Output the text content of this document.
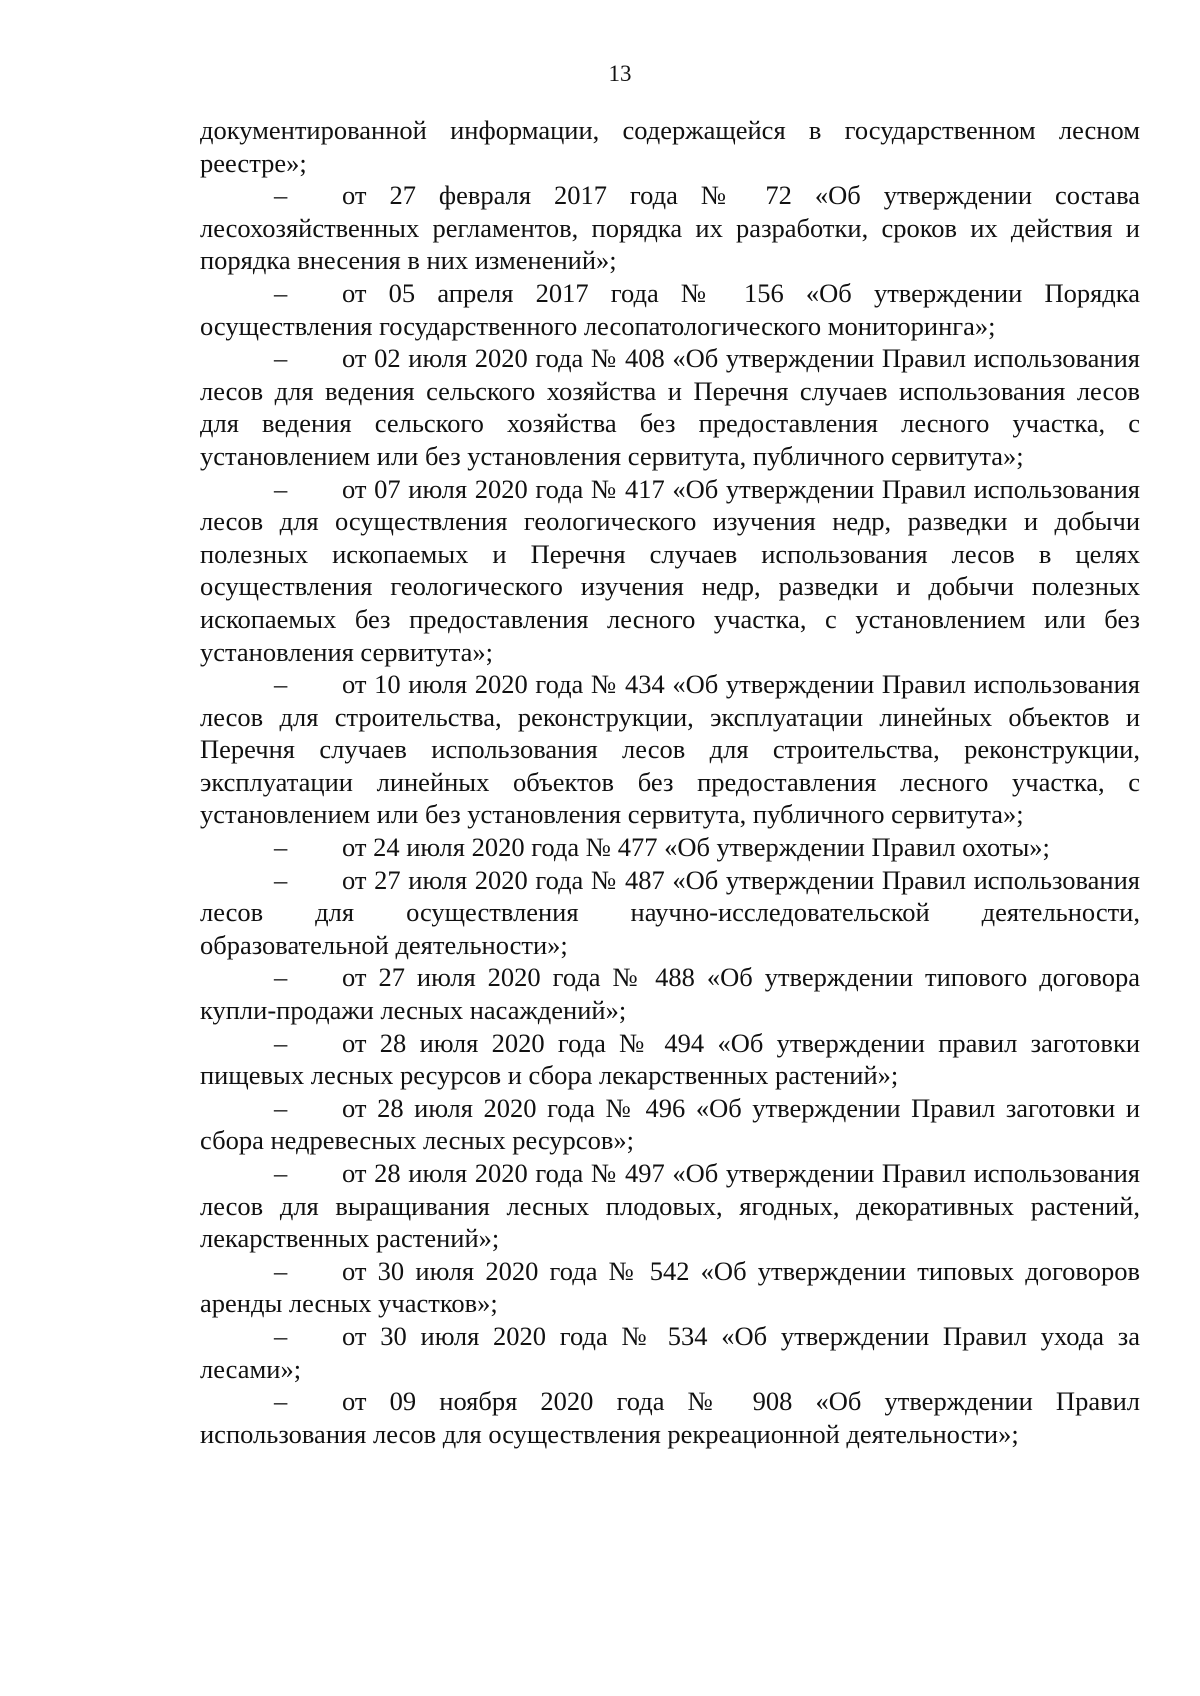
13

документированной информации, содержащейся в государственном лесном реестре»;

– от 27 февраля 2017 года № 72 «Об утверждении состава лесохозяйственных регламентов, порядка их разработки, сроков их действия и порядка внесения в них изменений»;

– от 05 апреля 2017 года № 156 «Об утверждении Порядка осуществления государственного лесопатологического мониторинга»;

– от 02 июля 2020 года № 408 «Об утверждении Правил использования лесов для ведения сельского хозяйства и Перечня случаев использования лесов для ведения сельского хозяйства без предоставления лесного участка, с установлением или без установления сервитута, публичного сервитута»;

– от 07 июля 2020 года № 417 «Об утверждении Правил использования лесов для осуществления геологического изучения недр, разведки и добычи полезных ископаемых и Перечня случаев использования лесов в целях осуществления геологического изучения недр, разведки и добычи полезных ископаемых без предоставления лесного участка, с установлением или без установления сервитута»;

– от 10 июля 2020 года № 434 «Об утверждении Правил использования лесов для строительства, реконструкции, эксплуатации линейных объектов и Перечня случаев использования лесов для строительства, реконструкции, эксплуатации линейных объектов без предоставления лесного участка, с установлением или без установления сервитута, публичного сервитута»;

– от 24 июля 2020 года № 477 «Об утверждении Правил охоты»;

– от 27 июля 2020 года № 487 «Об утверждении Правил использования лесов для осуществления научно-исследовательской деятельности, образовательной деятельности»;

– от 27 июля 2020 года № 488 «Об утверждении типового договора купли-продажи лесных насаждений»;

– от 28 июля 2020 года № 494 «Об утверждении правил заготовки пищевых лесных ресурсов и сбора лекарственных растений»;

– от 28 июля 2020 года № 496 «Об утверждении Правил заготовки и сбора недревесных лесных ресурсов»;

– от 28 июля 2020 года № 497 «Об утверждении Правил использования лесов для выращивания лесных плодовых, ягодных, декоративных растений, лекарственных растений»;

– от 30 июля 2020 года № 542 «Об утверждении типовых договоров аренды лесных участков»;

– от 30 июля 2020 года № 534 «Об утверждении Правил ухода за лесами»;

– от 09 ноября 2020 года № 908 «Об утверждении Правил использования лесов для осуществления рекреационной деятельности»;
